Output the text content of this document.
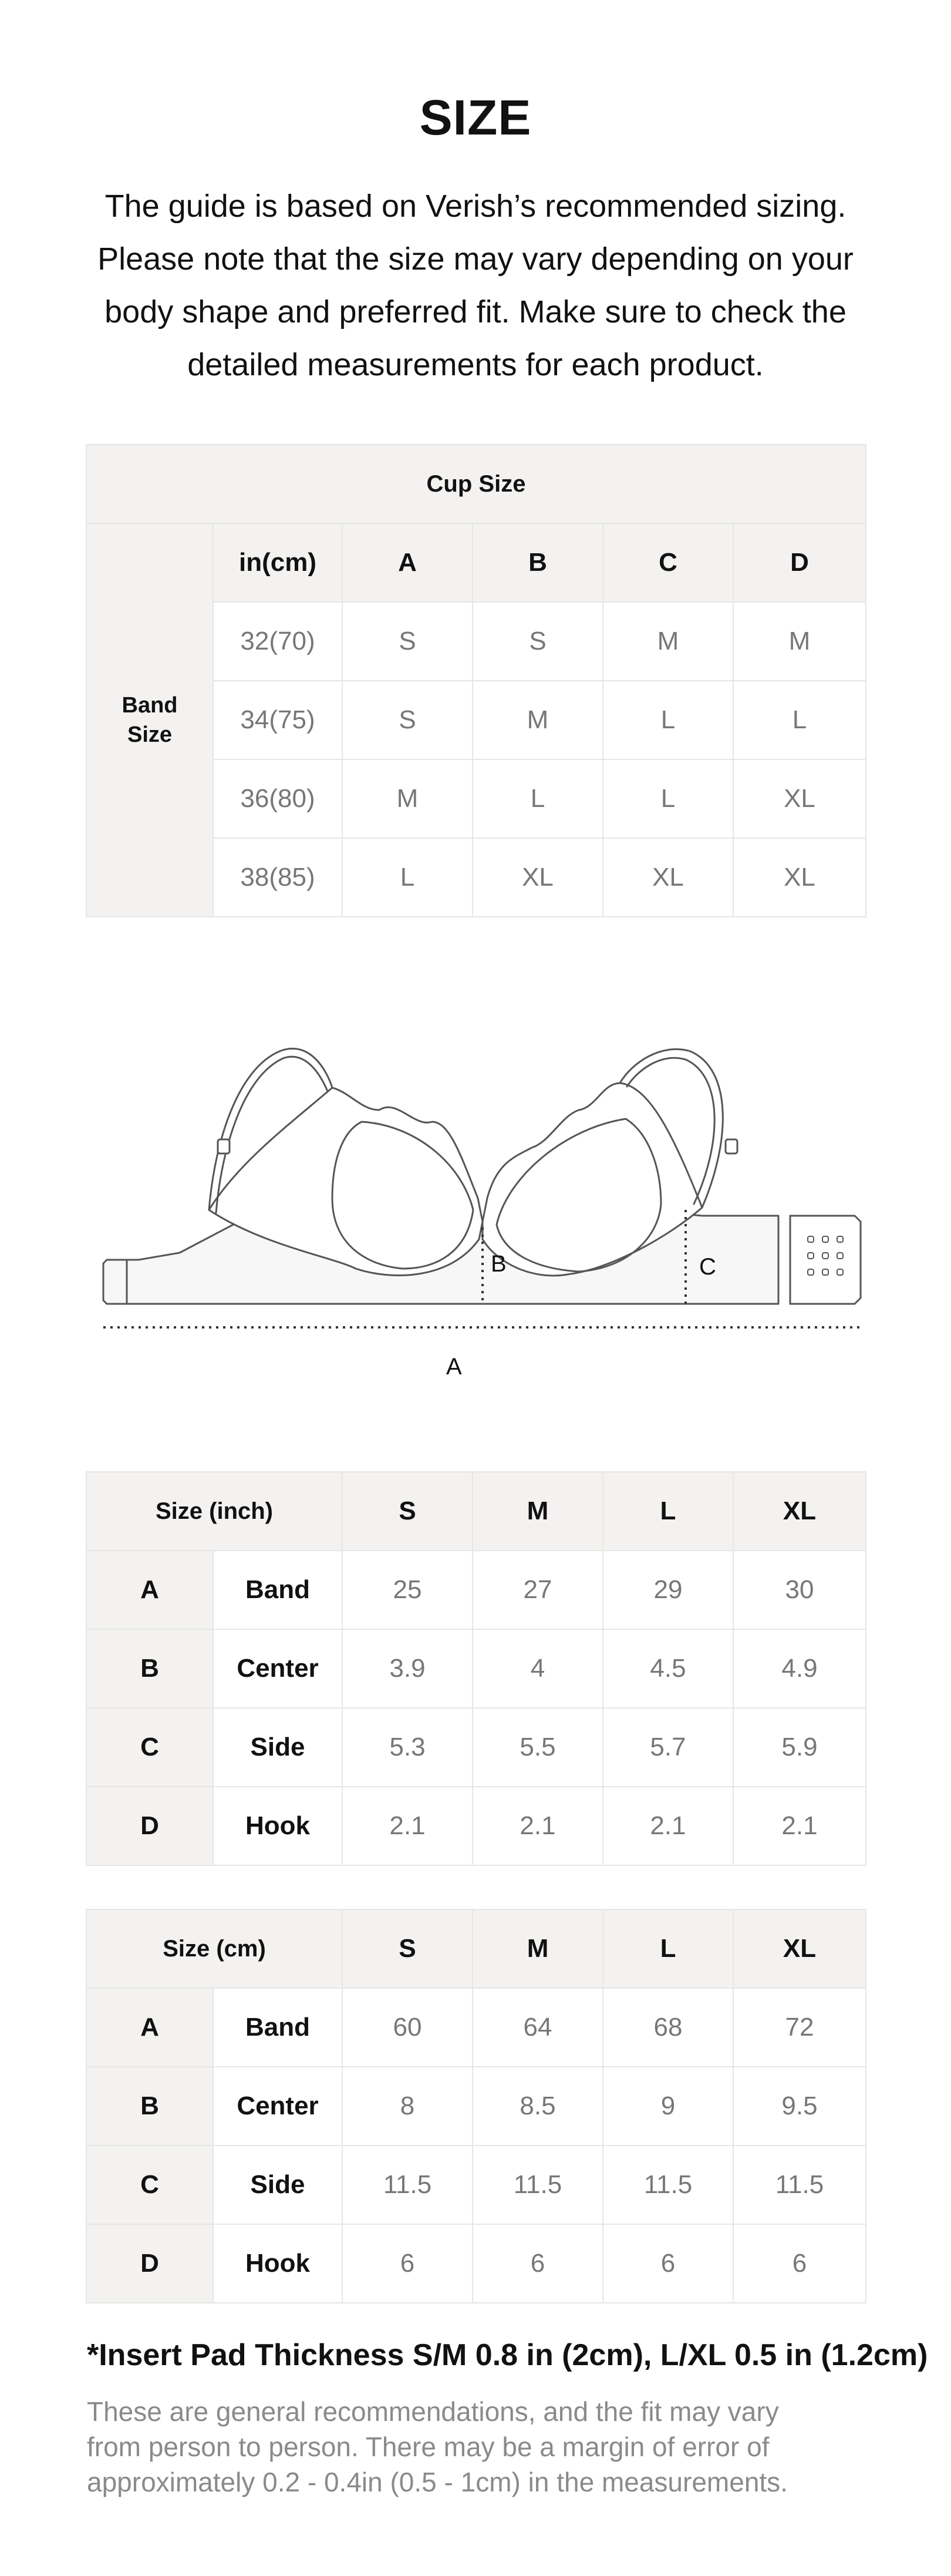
SIZE
The guide is based on Verish’s recommended sizing.
Please note that the size may vary depending on your
body shape and preferred fit. Make sure to check the
detailed measurements for each product.
Cup Size					
Band Size	in(cm)	A	B	C	D
	32(70)	S	S	M	M
	34(75)	S	M	L	L
	36(80)	M	L	L	XL
	38(85)	L	XL	XL	XL
B	C
A
Size (inch)		S	M	L	XL
A	Band	25	27	29	30
B	Center	3.9	4	4.5	4.9
C	Side	5.3	5.5	5.7	5.9
D	Hook	2.1	2.1	2.1	2.1
Size (cm)		S	M	L	XL
A	Band	60	64	68	72
B	Center	8	8.5	9	9.5
C	Side	11.5	11.5	11.5	11.5
D	Hook	6	6	6	6
*Insert Pad Thickness S/M 0.8 in (2cm), L/XL 0.5 in (1.2cm)
These are general recommendations, and the fit may vary
from person to person. There may be a margin of error of
approximately 0.2 - 0.4in (0.5 - 1cm) in the measurements.
